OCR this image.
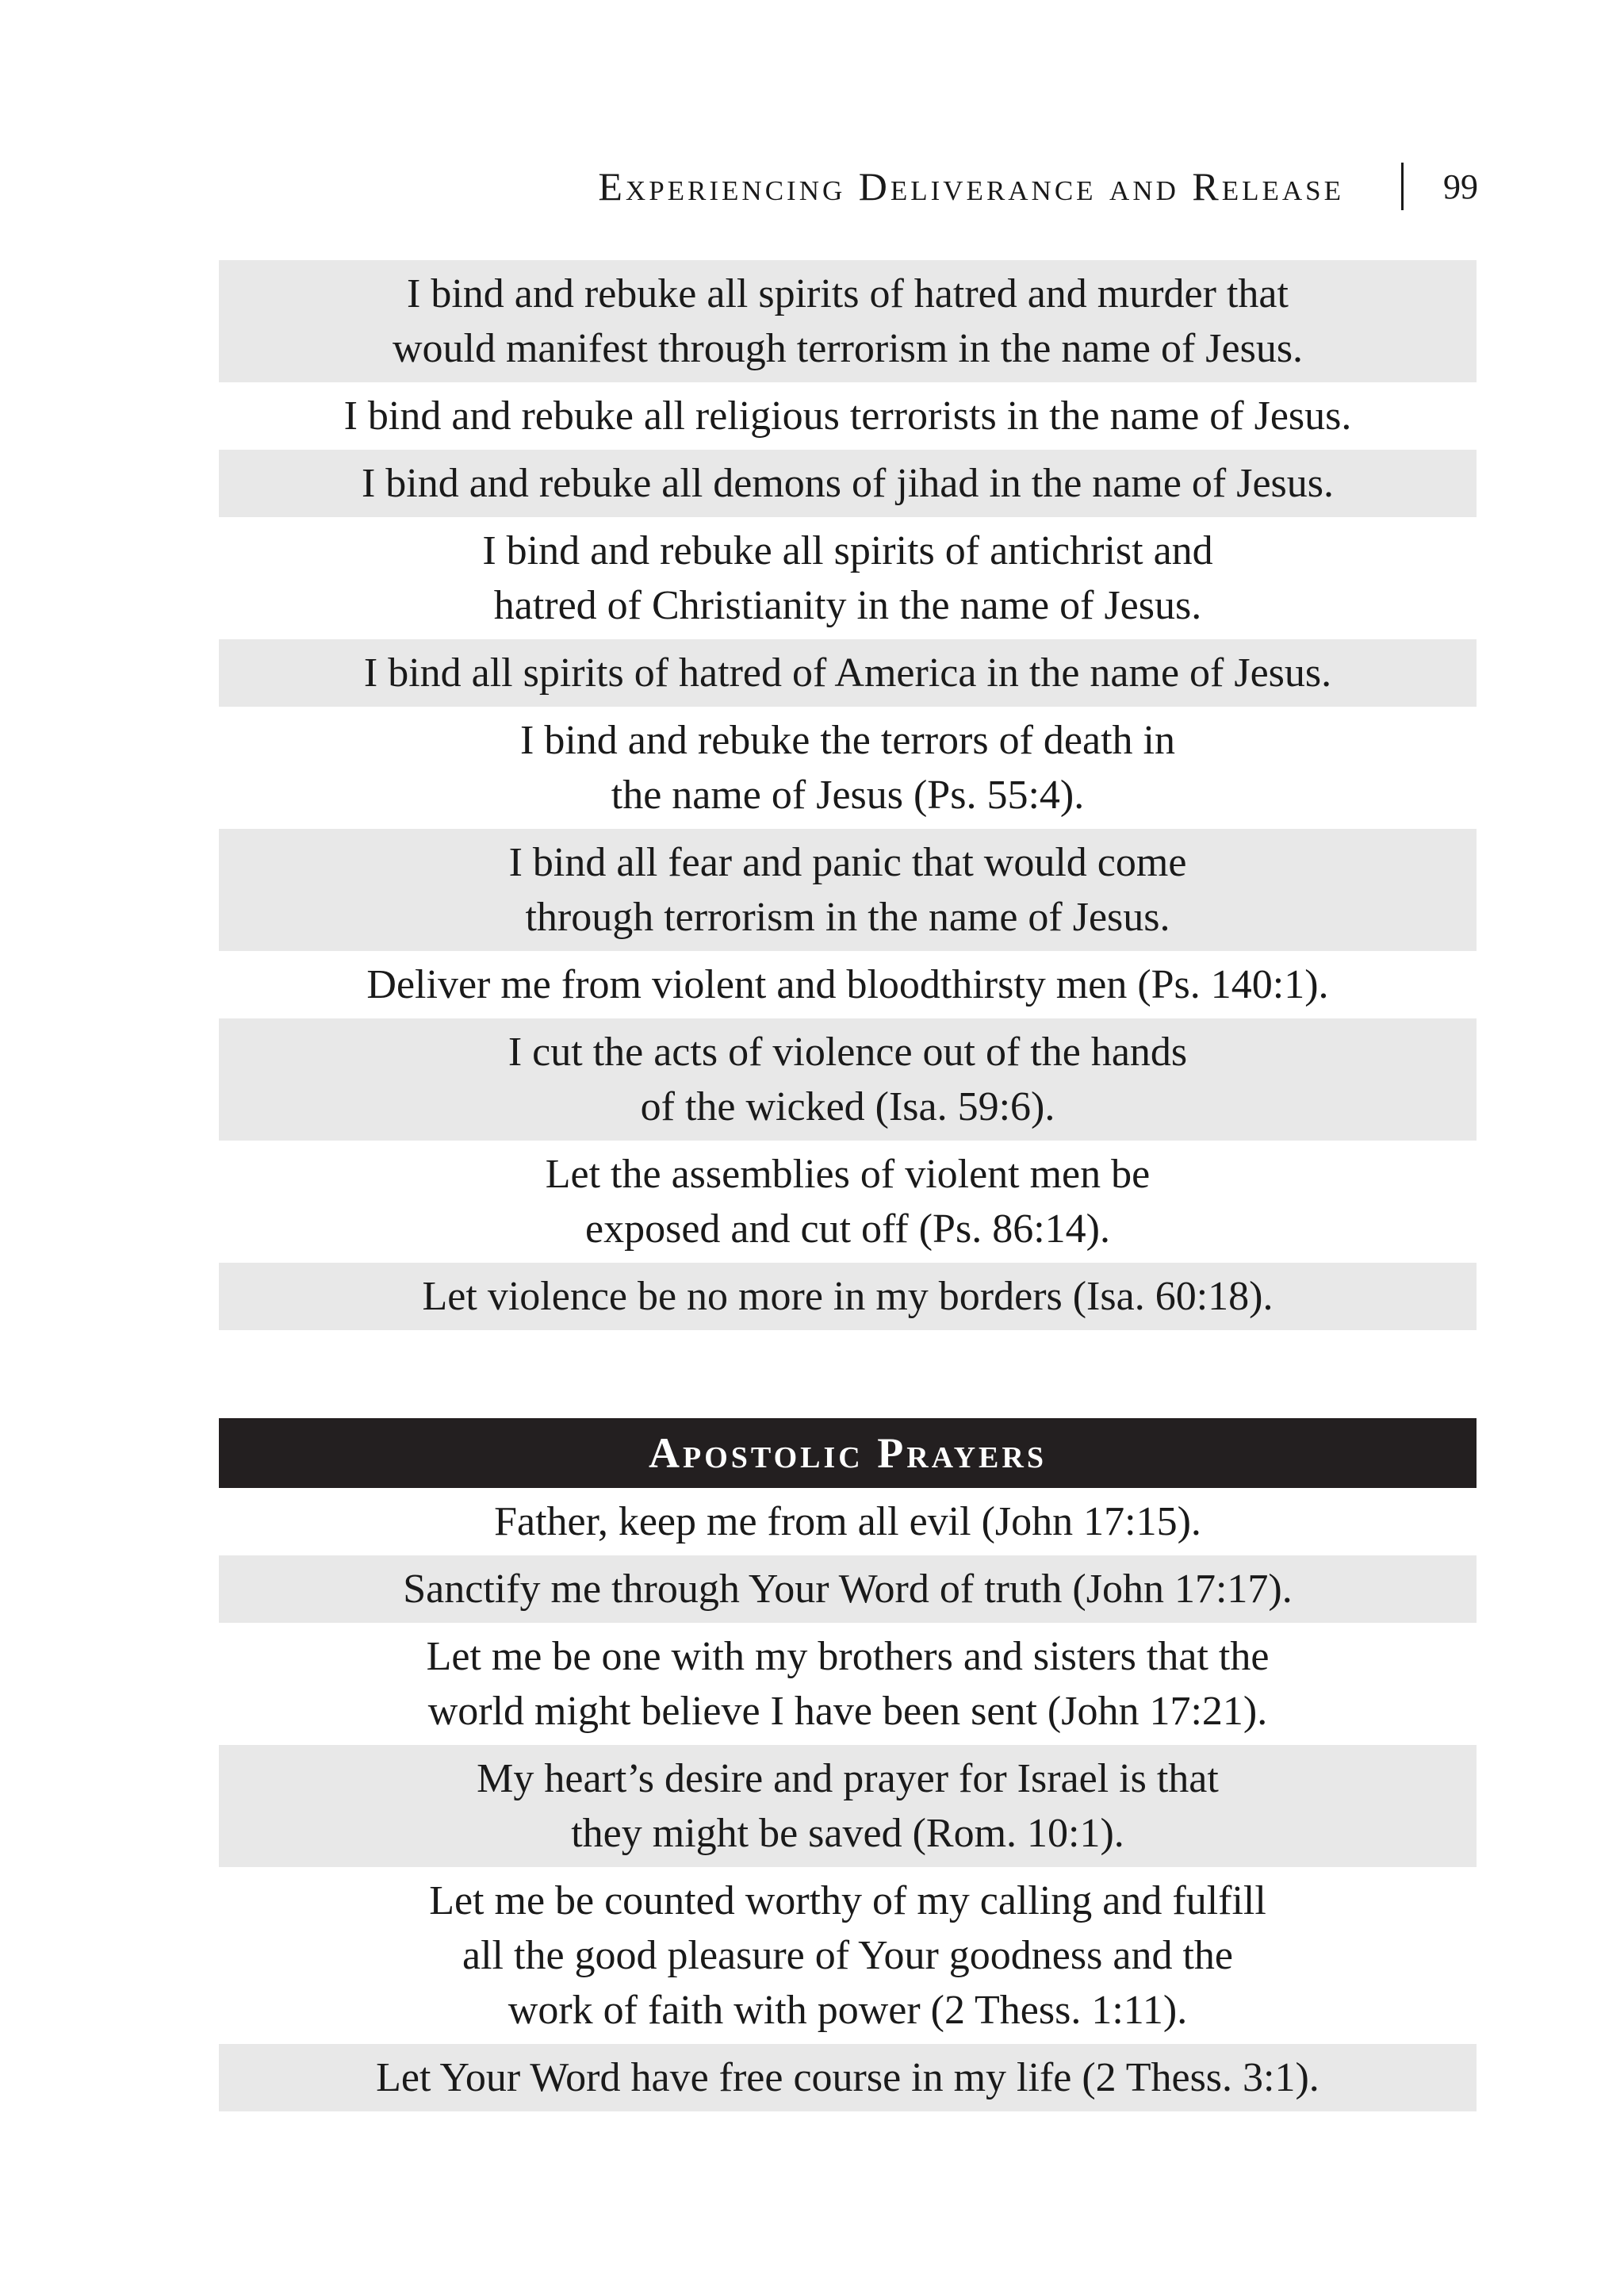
Experiencing Deliverance and Release	99
I bind and rebuke all spirits of hatred and murder that
would manifest through terrorism in the name of Jesus.
I bind and rebuke all religious terrorists in the name of Jesus.
I bind and rebuke all demons of jihad in the name of Jesus.
I bind and rebuke all spirits of antichrist and
hatred of Christianity in the name of Jesus.
I bind all spirits of hatred of America in the name of Jesus.
I bind and rebuke the terrors of death in
the name of Jesus (Ps. 55:4).
I bind all fear and panic that would come
through terrorism in the name of Jesus.
Deliver me from violent and bloodthirsty men (Ps. 140:1).
I cut the acts of violence out of the hands
of the wicked (Isa. 59:6).
Let the assemblies of violent men be
exposed and cut off (Ps. 86:14).
Let violence be no more in my borders (Isa. 60:18).
Apostolic Prayers
Father, keep me from all evil (John 17:15).
Sanctify me through Your Word of truth (John 17:17).
Let me be one with my brothers and sisters that the
world might believe I have been sent (John 17:21).
My heart’s desire and prayer for Israel is that
they might be saved (Rom. 10:1).
Let me be counted worthy of my calling and fulfill
all the good pleasure of Your goodness and the
work of faith with power (2 Thess. 1:11).
Let Your Word have free course in my life (2 Thess. 3:1).
